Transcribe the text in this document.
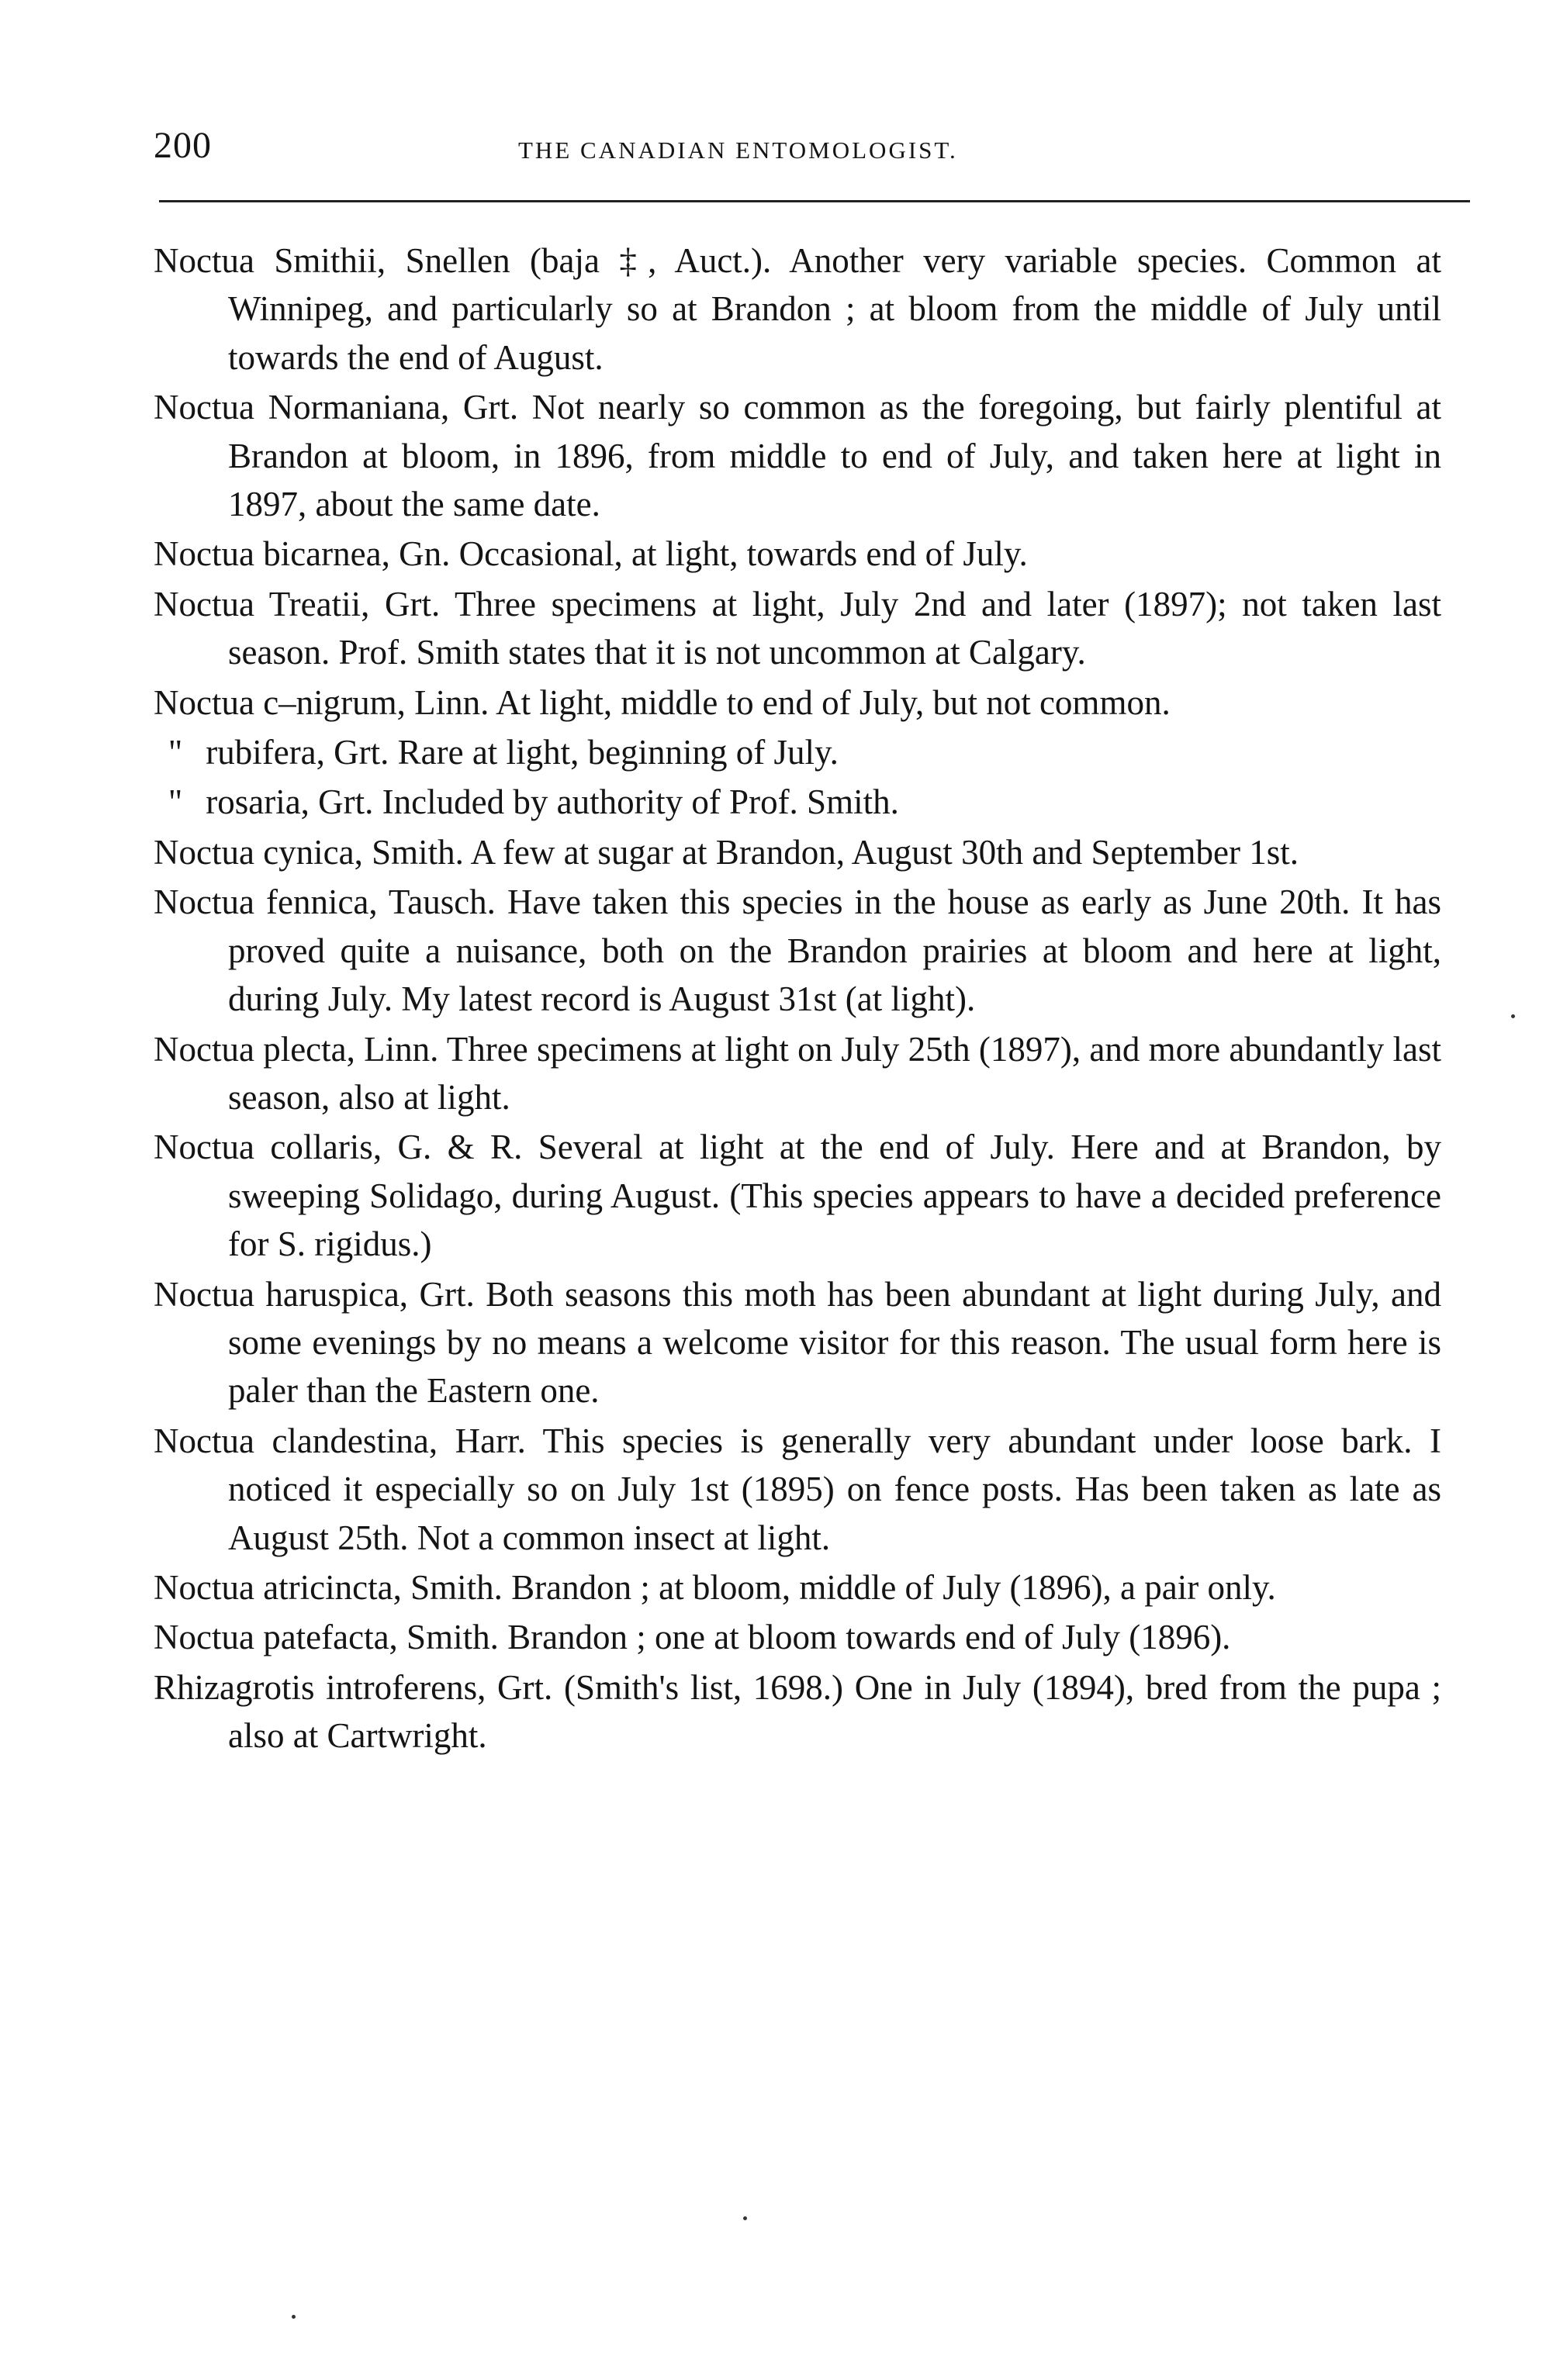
200	THE CANADIAN ENTOMOLOGIST.

Noctua Smithii, Snellen (baja ‡, Auct.). Another very variable species. Common at Winnipeg, and particularly so at Brandon ; at bloom from the middle of July until towards the end of August.

Noctua Normaniana, Grt. Not nearly so common as the foregoing, but fairly plentiful at Brandon at bloom, in 1896, from middle to end of July, and taken here at light in 1897, about the same date.

Noctua bicarnea, Gn. Occasional, at light, towards end of July.

Noctua Treatii, Grt. Three specimens at light, July 2nd and later (1897); not taken last season. Prof. Smith states that it is not uncommon at Calgary.

Noctua c–nigrum, Linn. At light, middle to end of July, but not common.

" rubifera, Grt. Rare at light, beginning of July.

" rosaria, Grt. Included by authority of Prof. Smith.

Noctua cynica, Smith. A few at sugar at Brandon, August 30th and September 1st.

Noctua fennica, Tausch. Have taken this species in the house as early as June 20th. It has proved quite a nuisance, both on the Brandon prairies at bloom and here at light, during July. My latest record is August 31st (at light).

Noctua plecta, Linn. Three specimens at light on July 25th (1897), and more abundantly last season, also at light.

Noctua collaris, G. & R. Several at light at the end of July. Here and at Brandon, by sweeping Solidago, during August. (This species appears to have a decided preference for S. rigidus.)

Noctua haruspica, Grt. Both seasons this moth has been abundant at light during July, and some evenings by no means a welcome visitor for this reason. The usual form here is paler than the Eastern one.

Noctua clandestina, Harr. This species is generally very abundant under loose bark. I noticed it especially so on July 1st (1895) on fence posts. Has been taken as late as August 25th. Not a common insect at light.

Noctua atricincta, Smith. Brandon ; at bloom, middle of July (1896), a pair only.

Noctua patefacta, Smith. Brandon ; one at bloom towards end of July (1896).

Rhizagrotis introferens, Grt. (Smith's list, 1698.) One in July (1894), bred from the pupa ; also at Cartwright.
